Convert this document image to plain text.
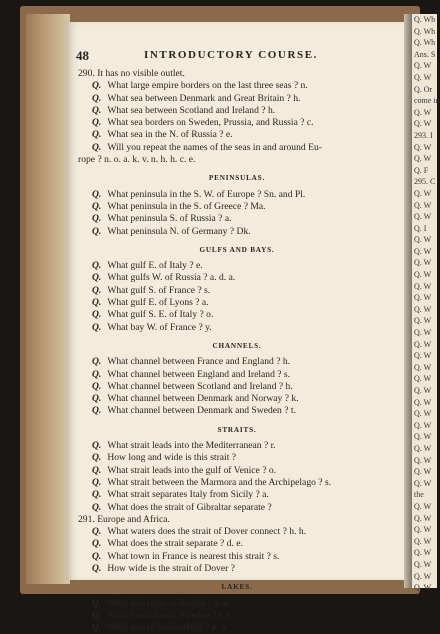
48	INTRODUCTORY COURSE.
290. It has no visible outlet.
Q. What large empire borders on the last three seas ? n.
Q. What sea between Denmark and Great Britain ? h.
Q. What sea between Scotland and Ireland ? h.
Q. What sea borders on Sweden, Prussia, and Russia ? c.
Q. What sea in the N. of Russia ? e.
Q. Will you repeat the names of the seas in and around Eu-
rope ? n. o. a. k. v. n. h. h. c. e.
PENINSULAS.
Q. What peninsula in the S. W. of Europe ? Sn. and Pl.
Q. What peninsula in the S. of Greece ? Ma.
Q. What peninsula S. of Russia ? a.
Q. What peninsula N. of Germany ? Dk.
GULFS AND BAYS.
Q. What gulf E. of Italy ? e.
Q. What gulfs W. of Russia ? a. d. a.
Q. What gulf S. of France ? s.
Q. What gulf E. of Lyons ? a.
Q. What gulf S. E. of Italy ? o.
Q. What bay W. of France ? y.
CHANNELS.
Q. What channel between France and England ? h.
Q. What channel between England and Ireland ? s.
Q. What channel between Scotland and Ireland ? h.
Q. What channel between Denmark and Norway ? k.
Q. What channel between Denmark and Sweden ? t.
STRAITS.
Q. What strait leads into the Mediterranean ? r.
Q. How long and wide is this strait ?
Q. What strait leads into the gulf of Venice ? o.
Q. What strait between the Marmora and the Archipelago ? s.
Q. What strait separates Italy from Sicily ? a.
Q. What does the strait of Gibraltar separate ?
291. Europe and Africa.
Q. What waters does the strait of Dover connect ? h. h.
Q. What does the strait separate ? d. e.
Q. What town in France is nearest this strait ? s.
Q. How wide is the strait of Dover ?
LAKES.
Q. What two lakes in Russia ? a. a.
Q. What two lakes in Sweden ? r. r.
Q. What two in Switzerland ? e. a.
Q. Wh
Q. Wh
Q. Wh
Ans. S
Q. W
Q. W
Q. Or
come in
Q. W
Q. W
293. I
Q. W
Q. W
Q. F
295. C
Q. W
Q. W
Q. W
Q. I
Q. W
Q. W
Q. W
Q. W
Q. W
Q. W
Q. W
Q. W
Q. W
Q. W
Q. W
Q. W
Q. W
Q. W
Q. W
Q. W
Q. W
Q. W
Q. W
Q. W
Q. W
Q. W
the
Q. W
Q. W
Q. W
Q. W
Q. W
Q. W
Q. W
Q. W
